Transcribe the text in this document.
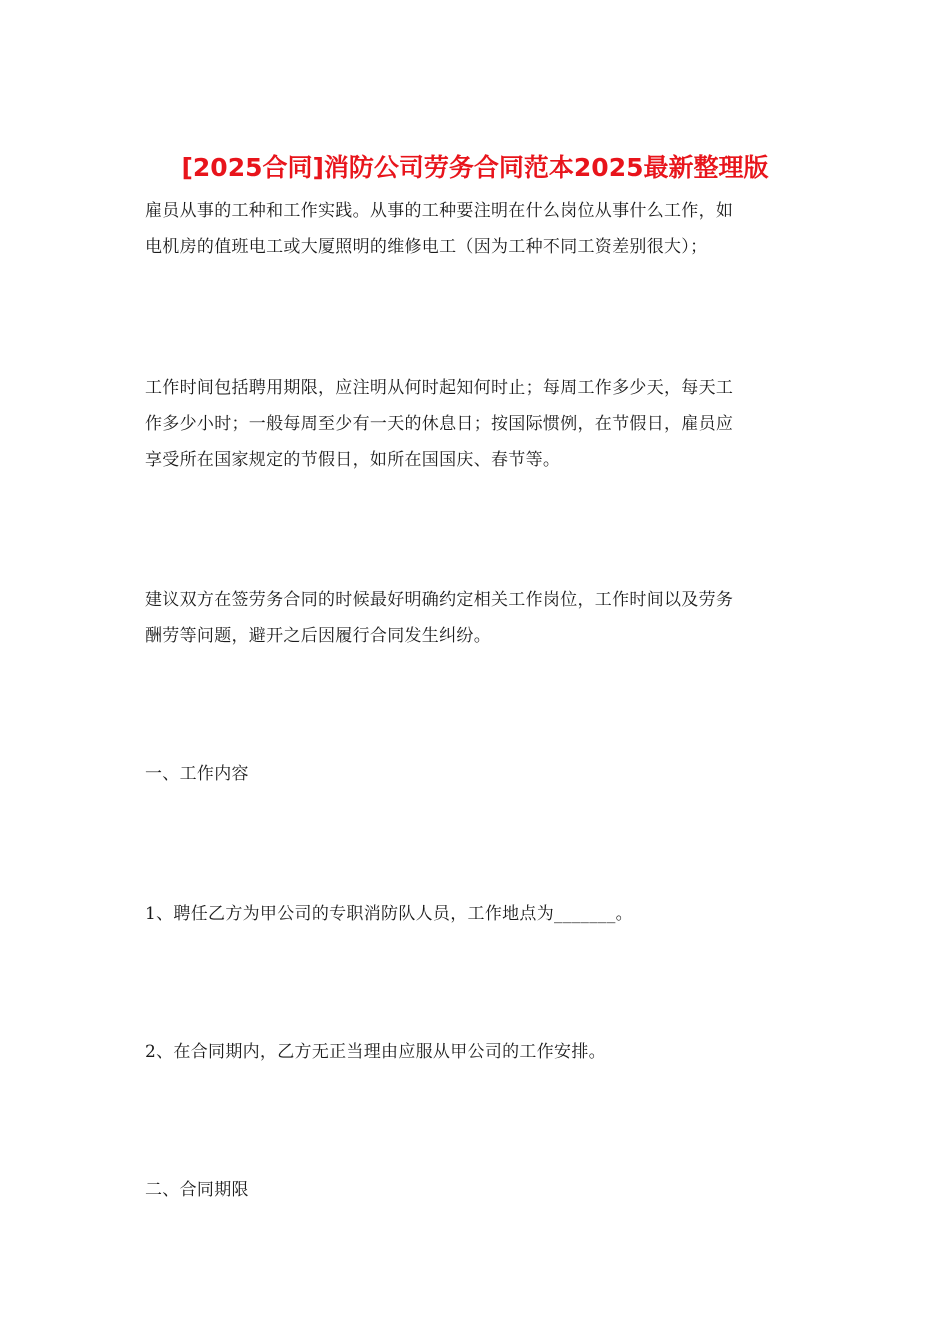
[2025合同]消防公司劳务合同范本2025最新整理版
雇员从事的工种和工作实践。从事的工种要注明在什么岗位从事什么工作，如
电机房的值班电工或大厦照明的维修电工（因为工种不同工资差别很大）；
工作时间包括聘用期限，应注明从何时起知何时止；每周工作多少天，每天工
作多少小时；一般每周至少有一天的休息日；按国际惯例，在节假日，雇员应
享受所在国家规定的节假日，如所在国国庆、春节等。
建议双方在签劳务合同的时候最好明确约定相关工作岗位，工作时间以及劳务
酬劳等问题，避开之后因履行合同发生纠纷。
一、工作内容
1、聘任乙方为甲公司的专职消防队人员，工作地点为_______。
2、在合同期内，乙方无正当理由应服从甲公司的工作安排。
二、合同期限
